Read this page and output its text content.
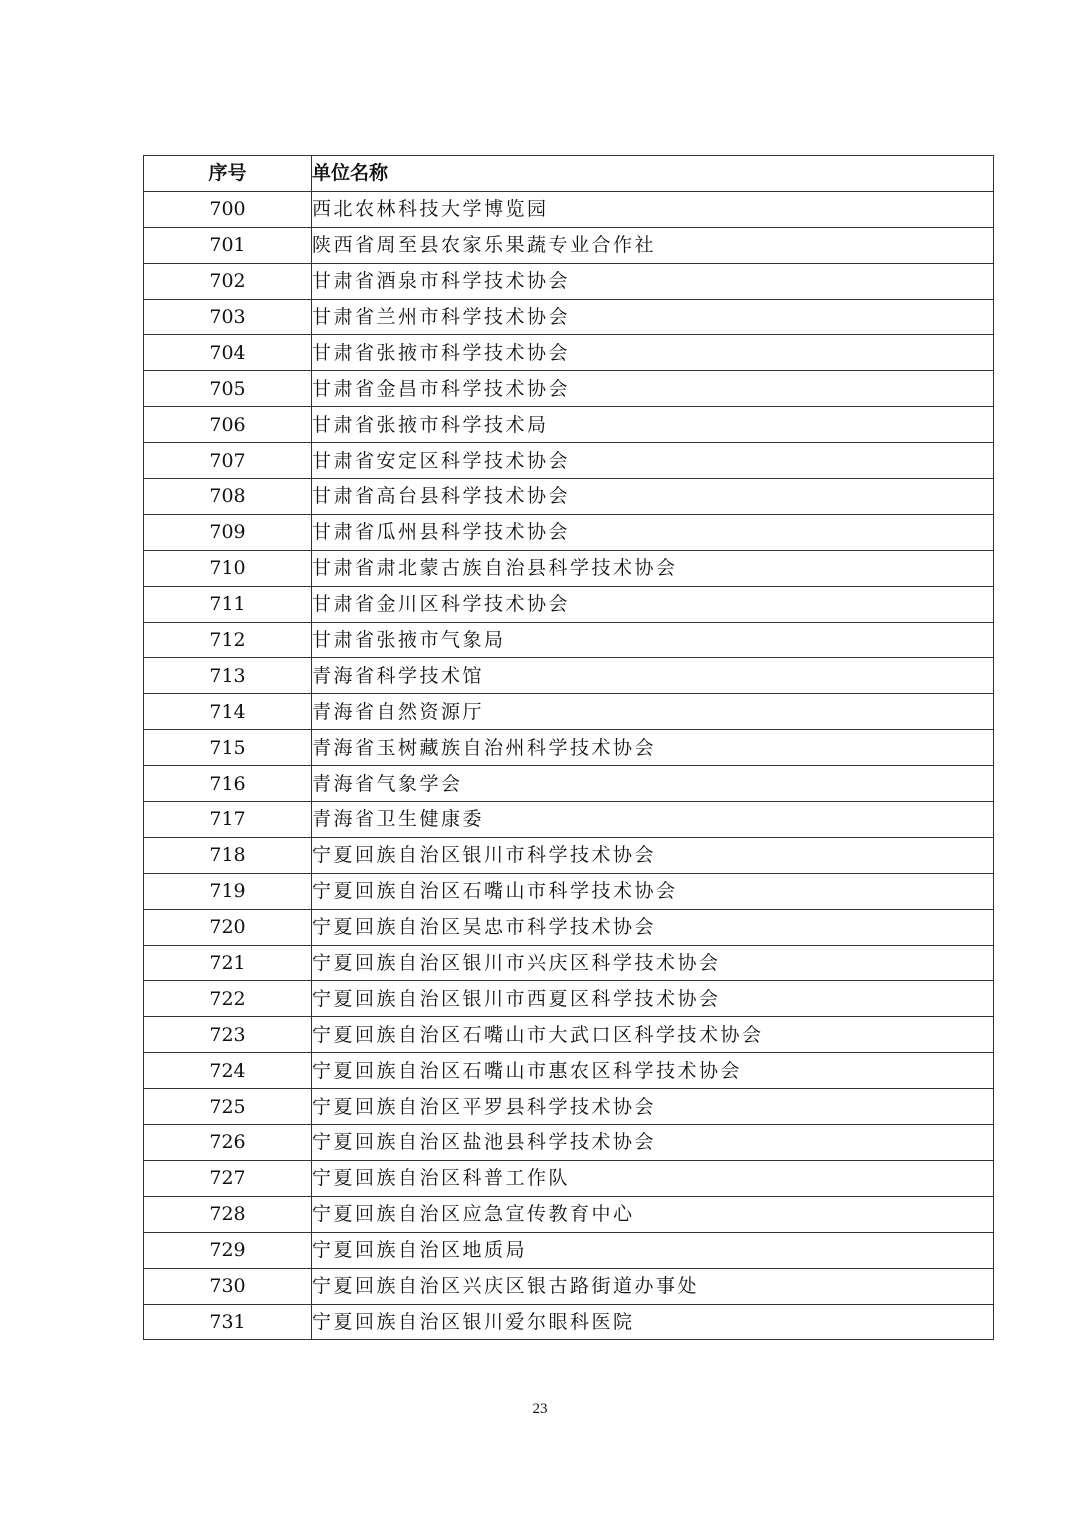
序号	单位名称
700	西北农林科技大学博览园
701	陕西省周至县农家乐果蔬专业合作社
702	甘肃省酒泉市科学技术协会
703	甘肃省兰州市科学技术协会
704	甘肃省张掖市科学技术协会
705	甘肃省金昌市科学技术协会
706	甘肃省张掖市科学技术局
707	甘肃省安定区科学技术协会
708	甘肃省高台县科学技术协会
709	甘肃省瓜州县科学技术协会
710	甘肃省肃北蒙古族自治县科学技术协会
711	甘肃省金川区科学技术协会
712	甘肃省张掖市气象局
713	青海省科学技术馆
714	青海省自然资源厅
715	青海省玉树藏族自治州科学技术协会
716	青海省气象学会
717	青海省卫生健康委
718	宁夏回族自治区银川市科学技术协会
719	宁夏回族自治区石嘴山市科学技术协会
720	宁夏回族自治区吴忠市科学技术协会
721	宁夏回族自治区银川市兴庆区科学技术协会
722	宁夏回族自治区银川市西夏区科学技术协会
723	宁夏回族自治区石嘴山市大武口区科学技术协会
724	宁夏回族自治区石嘴山市惠农区科学技术协会
725	宁夏回族自治区平罗县科学技术协会
726	宁夏回族自治区盐池县科学技术协会
727	宁夏回族自治区科普工作队
728	宁夏回族自治区应急宣传教育中心
729	宁夏回族自治区地质局
730	宁夏回族自治区兴庆区银古路街道办事处
731	宁夏回族自治区银川爱尔眼科医院
23
